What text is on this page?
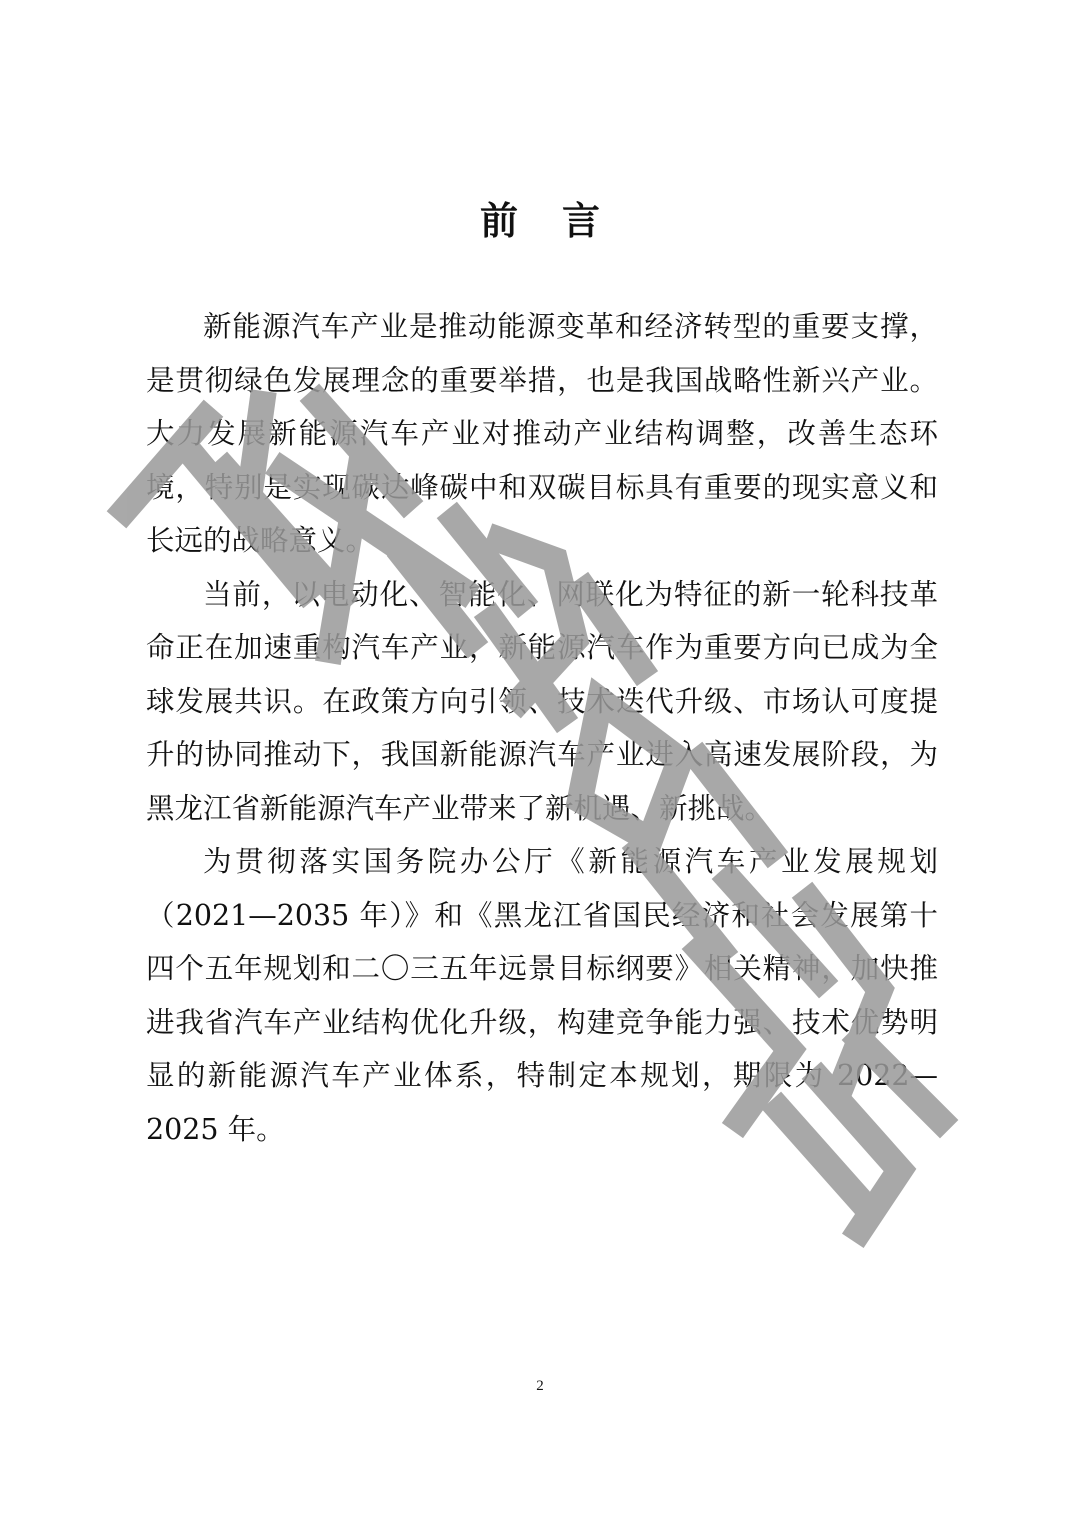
前 言

新能源汽车产业是推动能源变革和经济转型的重要支撑，是贯彻绿色发展理念的重要举措，也是我国战略性新兴产业。大力发展新能源汽车产业对推动产业结构调整，改善生态环境，特别是实现碳达峰碳中和双碳目标具有重要的现实意义和长远的战略意义。

当前，以电动化、智能化、网联化为特征的新一轮科技革命正在加速重构汽车产业，新能源汽车作为重要方向已成为全球发展共识。在政策方向引领、技术迭代升级、市场认可度提升的协同推动下，我国新能源汽车产业进入高速发展阶段，为黑龙江省新能源汽车产业带来了新机遇、新挑战。

为贯彻落实国务院办公厅《新能源汽车产业发展规划（2021—2035 年）》和《黑龙江省国民经济和社会发展第十四个五年规划和二〇三五年远景目标纲要》相关精神，加快推进我省汽车产业结构优化升级，构建竞争能力强、技术优势明显的新能源汽车产业体系，特制定本规划，期限为 2022—2025 年。

2
